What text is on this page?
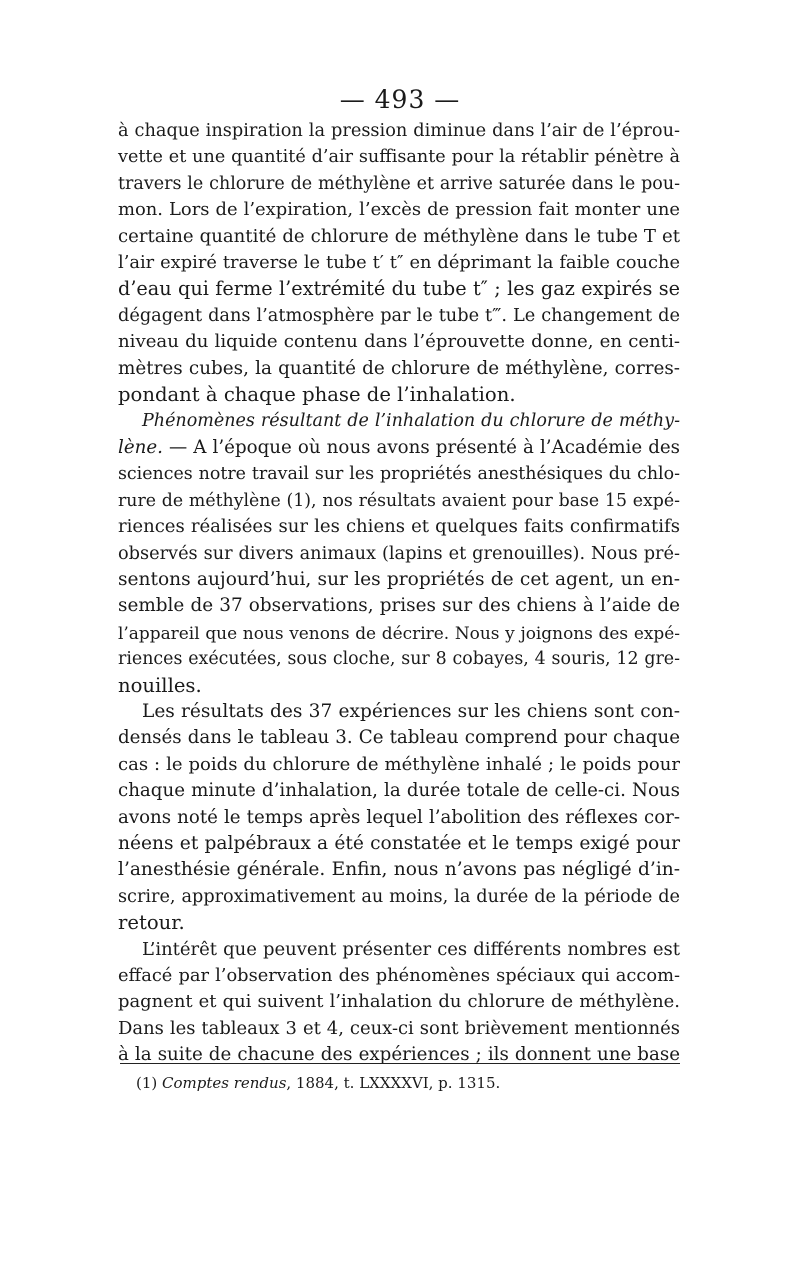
— 493 —
à chaque inspiration la pression diminue dans l’air de l’éprou-
vette et une quantité d’air suffisante pour la rétablir pénètre à
travers le chlorure de méthylène et arrive saturée dans le pou-
mon. Lors de l’expiration, l’excès de pression fait monter une
certaine quantité de chlorure de méthylène dans le tube T et
l’air expiré traverse le tube t′ t″ en déprimant la faible couche
d’eau qui ferme l’extrémité du tube t″ ; les gaz expirés se
dégagent dans l’atmosphère par le tube t‴. Le changement de
niveau du liquide contenu dans l’éprouvette donne, en centi-
mètres cubes, la quantité de chlorure de méthylène, corres-
pondant à chaque phase de l’inhalation.
Phénomènes résultant de l’inhalation du chlorure de méthy-
lène. — A l’époque où nous avons présenté à l’Académie des
sciences notre travail sur les propriétés anesthésiques du chlo-
rure de méthylène (1), nos résultats avaient pour base 15 expé-
riences réalisées sur les chiens et quelques faits confirmatifs
observés sur divers animaux (lapins et grenouilles). Nous pré-
sentons aujourd’hui, sur les propriétés de cet agent, un en-
semble de 37 observations, prises sur des chiens à l’aide de
l’appareil que nous venons de décrire. Nous y joignons des expé-
riences exécutées, sous cloche, sur 8 cobayes, 4 souris, 12 gre-
nouilles.
Les résultats des 37 expériences sur les chiens sont con-
densés dans le tableau 3. Ce tableau comprend pour chaque
cas : le poids du chlorure de méthylène inhalé ; le poids pour
chaque minute d’inhalation, la durée totale de celle-ci. Nous
avons noté le temps après lequel l’abolition des réflexes cor-
néens et palpébraux a été constatée et le temps exigé pour
l’anesthésie générale. Enfin, nous n’avons pas négligé d’in-
scrire, approximativement au moins, la durée de la période de
retour.
L’intérêt que peuvent présenter ces différents nombres est
effacé par l’observation des phénomènes spéciaux qui accom-
pagnent et qui suivent l’inhalation du chlorure de méthylène.
Dans les tableaux 3 et 4, ceux-ci sont brièvement mentionnés
à la suite de chacune des expériences ; ils donnent une base
(1) Comptes rendus, 1884, t. LXXXXVI, p. 1315.
